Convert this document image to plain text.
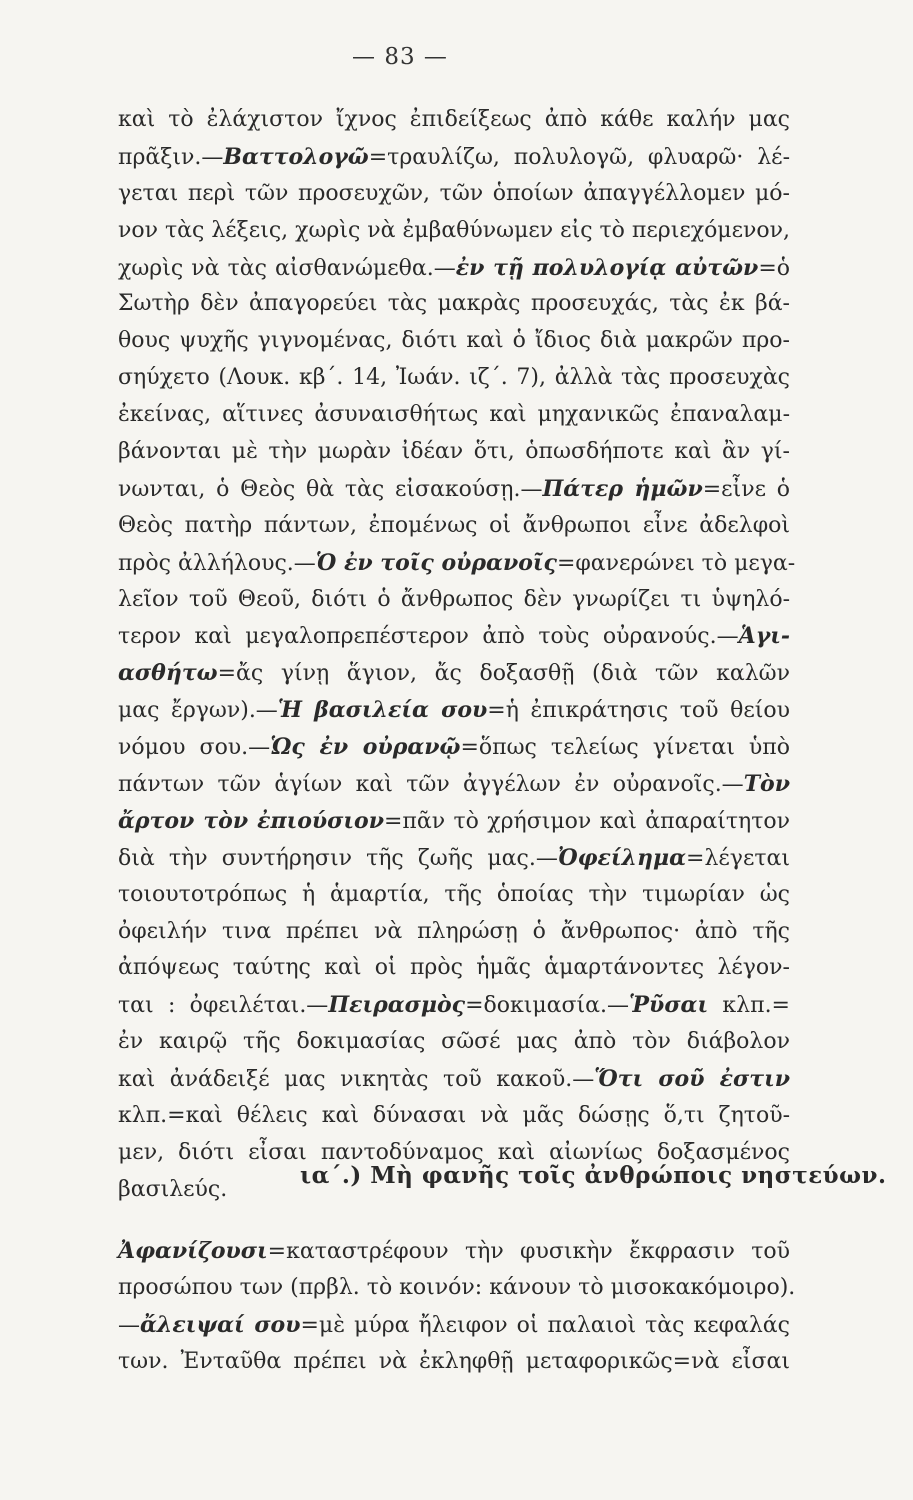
— 83 —
καὶ τὸ ἐλάχιστον ἴχνος ἐπιδείξεως ἀπὸ κάθε καλήν μας
πρᾶξιν.—Βαττολογῶ=τραυλίζω, πολυλογῶ, φλυαρῶ· λέ-
γεται περὶ τῶν προσευχῶν, τῶν ὁποίων ἀπαγγέλλομεν μό-
νον τὰς λέξεις, χωρὶς νὰ ἐμβαθύνωμεν εἰς τὸ περιεχόμενον,
χωρὶς νὰ τὰς αἰσθανώμεθα.—ἐν τῇ πολυλογίᾳ αὐτῶν=ὁ
Σωτὴρ δὲν ἀπαγορεύει τὰς μακρὰς προσευχάς, τὰς ἐκ βά-
θους ψυχῆς γιγνομένας, διότι καὶ ὁ ἴδιος διὰ μακρῶν προ-
σηύχετο (Λουκ. κβ΄. 14, Ἰωάν. ιζ΄. 7), ἀλλὰ τὰς προσευχὰς
ἐκείνας, αἵτινες ἀσυναισθήτως καὶ μηχανικῶς ἐπαναλαμ-
βάνονται μὲ τὴν μωρὰν ἰδέαν ὅτι, ὁπωσδήποτε καὶ ἂν γί-
νωνται, ὁ Θεὸς θὰ τὰς εἰσακούσῃ.—Πάτερ ἡμῶν=εἶνε ὁ
Θεὸς πατὴρ πάντων, ἐπομένως οἱ ἄνθρωποι εἶνε ἀδελφοὶ
πρὸς ἀλλήλους.—Ὁ ἐν τοῖς οὐρανοῖς=φανερώνει τὸ μεγα-
λεῖον τοῦ Θεοῦ, διότι ὁ ἄνθρωπος δὲν γνωρίζει τι ὑψηλό-
τερον καὶ μεγαλοπρεπέστερον ἀπὸ τοὺς οὐρανούς.—Ἁγι-
ασθήτω=ἄς γίνῃ ἅγιον, ἄς δοξασθῇ (διὰ τῶν καλῶν
μας ἔργων).—Ἡ βασιλεία σου=ἡ ἐπικράτησις τοῦ θείου
νόμου σου.—Ὡς ἐν οὐρανῷ=ὅπως τελείως γίνεται ὑπὸ
πάντων τῶν ἁγίων καὶ τῶν ἀγγέλων ἐν οὐρανοῖς.—Τὸν
ἄρτον τὸν ἐπιούσιον=πᾶν τὸ χρήσιμον καὶ ἀπαραίτητον
διὰ τὴν συντήρησιν τῆς ζωῆς μας.—Ὀφείλημα=λέγεται
τοιουτοτρόπως ἡ ἁμαρτία, τῆς ὁποίας τὴν τιμωρίαν ὡς
ὀφειλήν τινα πρέπει νὰ πληρώσῃ ὁ ἄνθρωπος· ἀπὸ τῆς
ἀπόψεως ταύτης καὶ οἱ πρὸς ἡμᾶς ἁμαρτάνοντες λέγον-
ται : ὀφειλέται.—Πειρασμὸς=δοκιμασία.—Ῥῦσαι κλπ.=
ἐν καιρῷ τῆς δοκιμασίας σῶσέ μας ἀπὸ τὸν διάβολον
καὶ ἀνάδειξέ μας νικητὰς τοῦ κακοῦ.—Ὅτι σοῦ ἐστιν
κλπ.=καὶ θέλεις καὶ δύνασαι νὰ μᾶς δώσῃς ὅ,τι ζητοῦ-
μεν, διότι εἶσαι παντοδύναμος καὶ αἰωνίως δοξασμένος
βασιλεύς.
ια΄.) Μὴ φανῆς τοῖς ἀνθρώποις νηστεύων.
Ἀφανίζουσι=καταστρέφουν τὴν φυσικὴν ἔκφρασιν τοῦ
προσώπου των (πρβλ. τὸ κοινόν: κάνουν τὸ μισοκακόμοιρο).
—ἄλειψαί σου=μὲ μύρα ἤλειφον οἱ παλαιοὶ τὰς κεφαλάς
των. Ἐνταῦθα πρέπει νὰ ἐκληφθῇ μεταφορικῶς=νὰ εἶσαι
